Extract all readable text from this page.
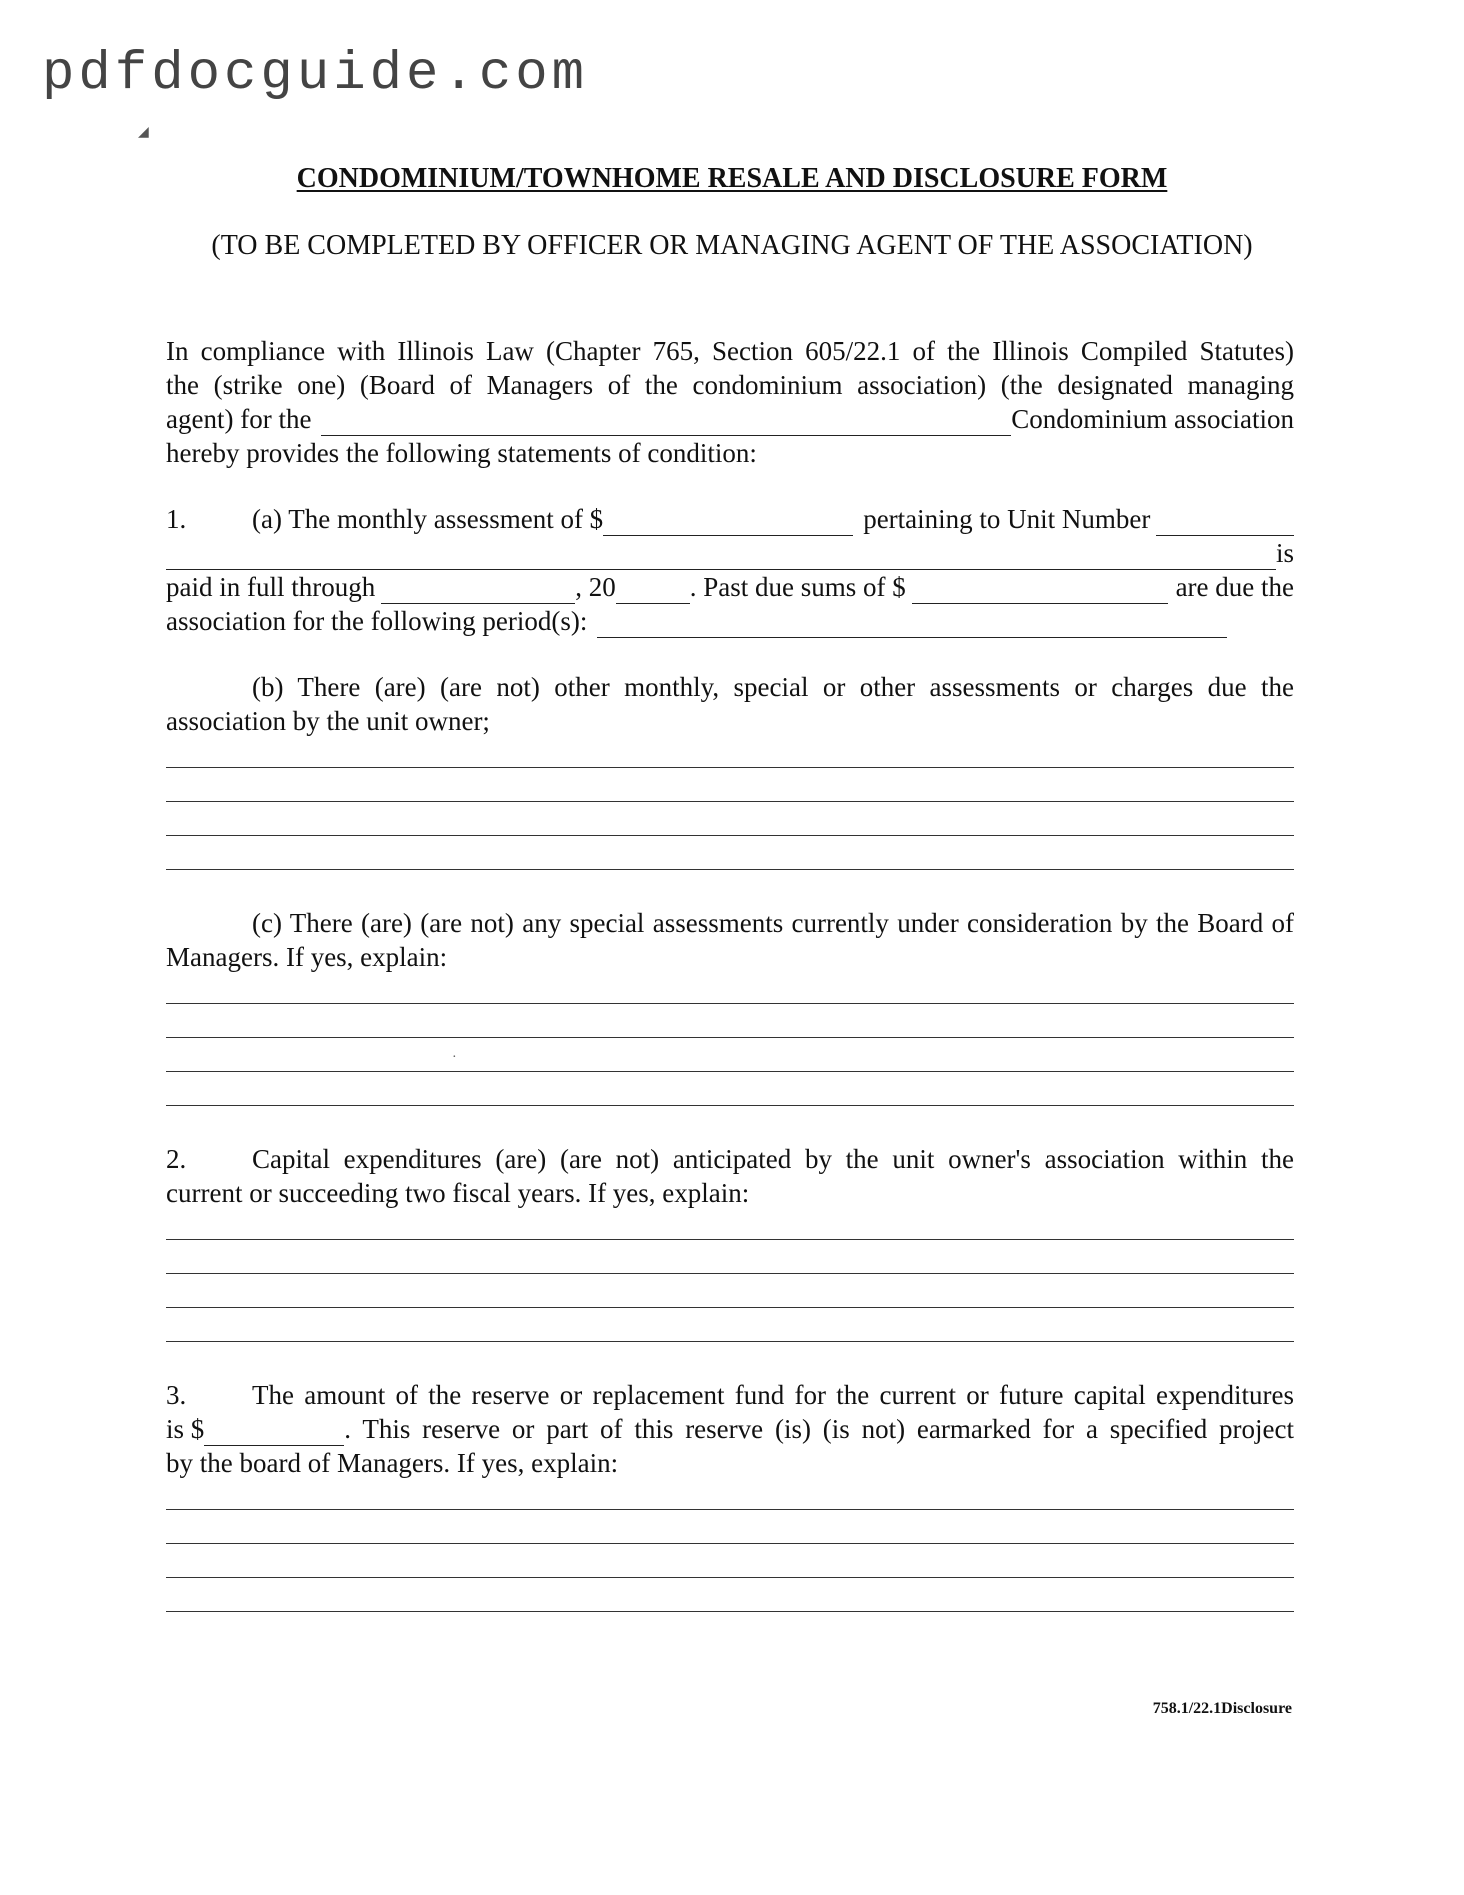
pdfdocguide.com
◢
CONDOMINIUM/TOWNHOME RESALE AND DISCLOSURE FORM
(TO BE COMPLETED BY OFFICER OR MANAGING AGENT OF THE ASSOCIATION)
In compliance with Illinois Law (Chapter 765, Section 605/22.1 of the Illinois Compiled Statutes)
the (strike one) (Board of Managers of the condominium association) (the designated managing
agent) for the	Condominium association
hereby provides the following statements of condition:
1.	(a) The monthly assessment of $	pertaining to Unit Number
is
paid in full through	, 20	. Past due sums of $	are due the
association for the following period(s):
(b) There (are) (are not) other monthly, special or other assessments or charges due the association by the unit owner;
(c) There (are) (are not) any special assessments currently under consideration by the Board of Managers. If yes, explain:
·
2.	Capital expenditures (are) (are not) anticipated by the unit owner's association within the
current or succeeding two fiscal years. If yes, explain:
3.	The amount of the reserve or replacement fund for the current or future capital expenditures
is $	. This reserve or part of this reserve (is) (is not) earmarked for a specified project
by the board of Managers. If yes, explain:
758.1/22.1Disclosure
